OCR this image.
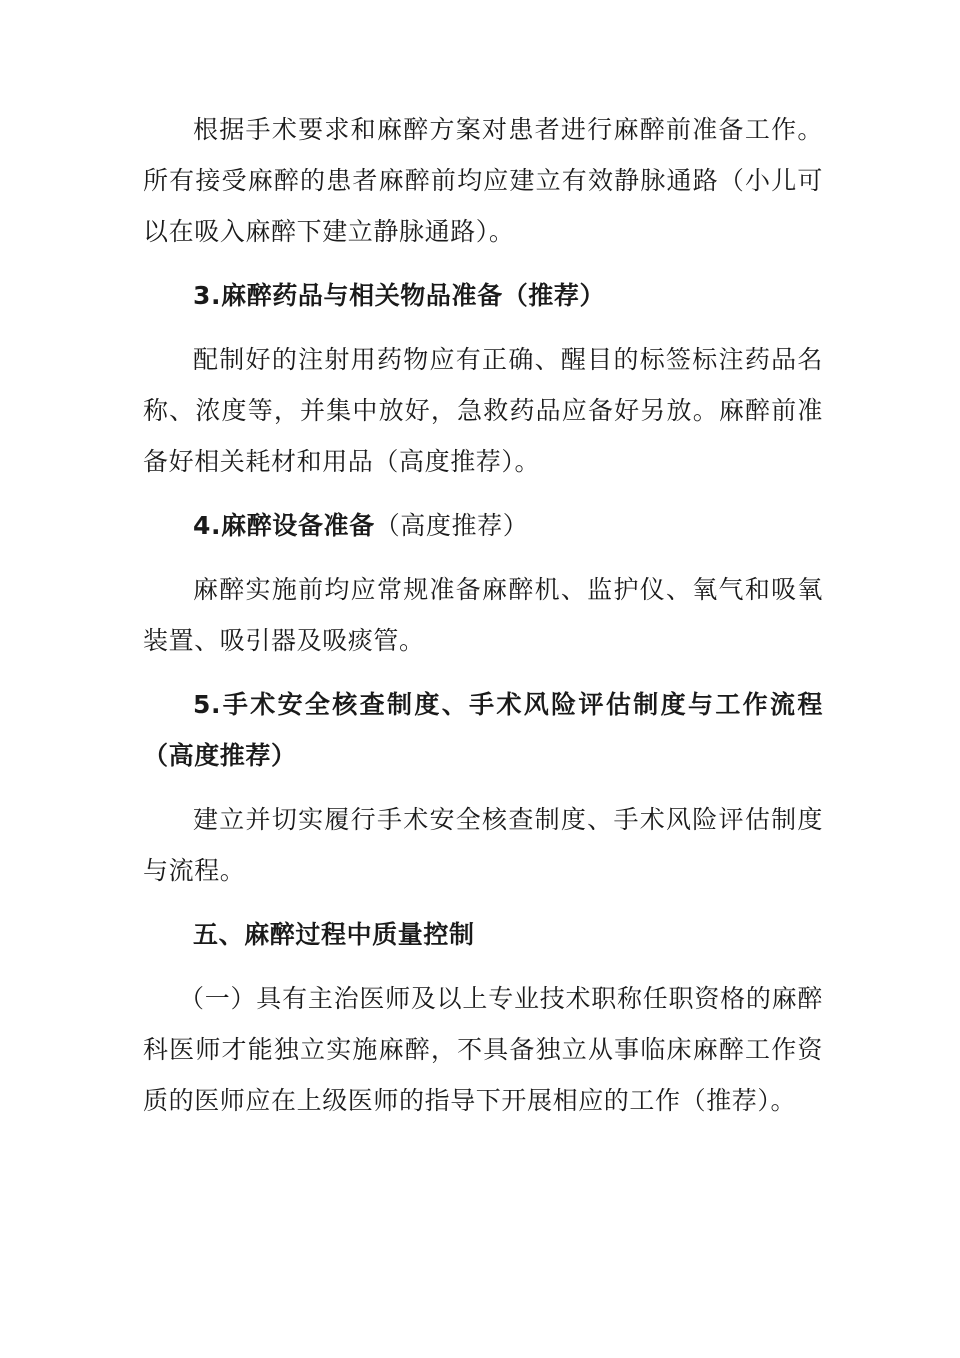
根据手术要求和麻醉方案对患者进行麻醉前准备工作。所有接受麻醉的患者麻醉前均应建立有效静脉通路（小儿可以在吸入麻醉下建立静脉通路）。

3.麻醉药品与相关物品准备（推荐）

配制好的注射用药物应有正确、醒目的标签标注药品名称、浓度等，并集中放好，急救药品应备好另放。麻醉前准备好相关耗材和用品（高度推荐）。

4.麻醉设备准备（高度推荐）

麻醉实施前均应常规准备麻醉机、监护仪、氧气和吸氧装置、吸引器及吸痰管。

5.手术安全核查制度、手术风险评估制度与工作流程（高度推荐）

建立并切实履行手术安全核查制度、手术风险评估制度与流程。

五、麻醉过程中质量控制

（一）具有主治医师及以上专业技术职称任职资格的麻醉科医师才能独立实施麻醉，不具备独立从事临床麻醉工作资质的医师应在上级医师的指导下开展相应的工作（推荐）。
